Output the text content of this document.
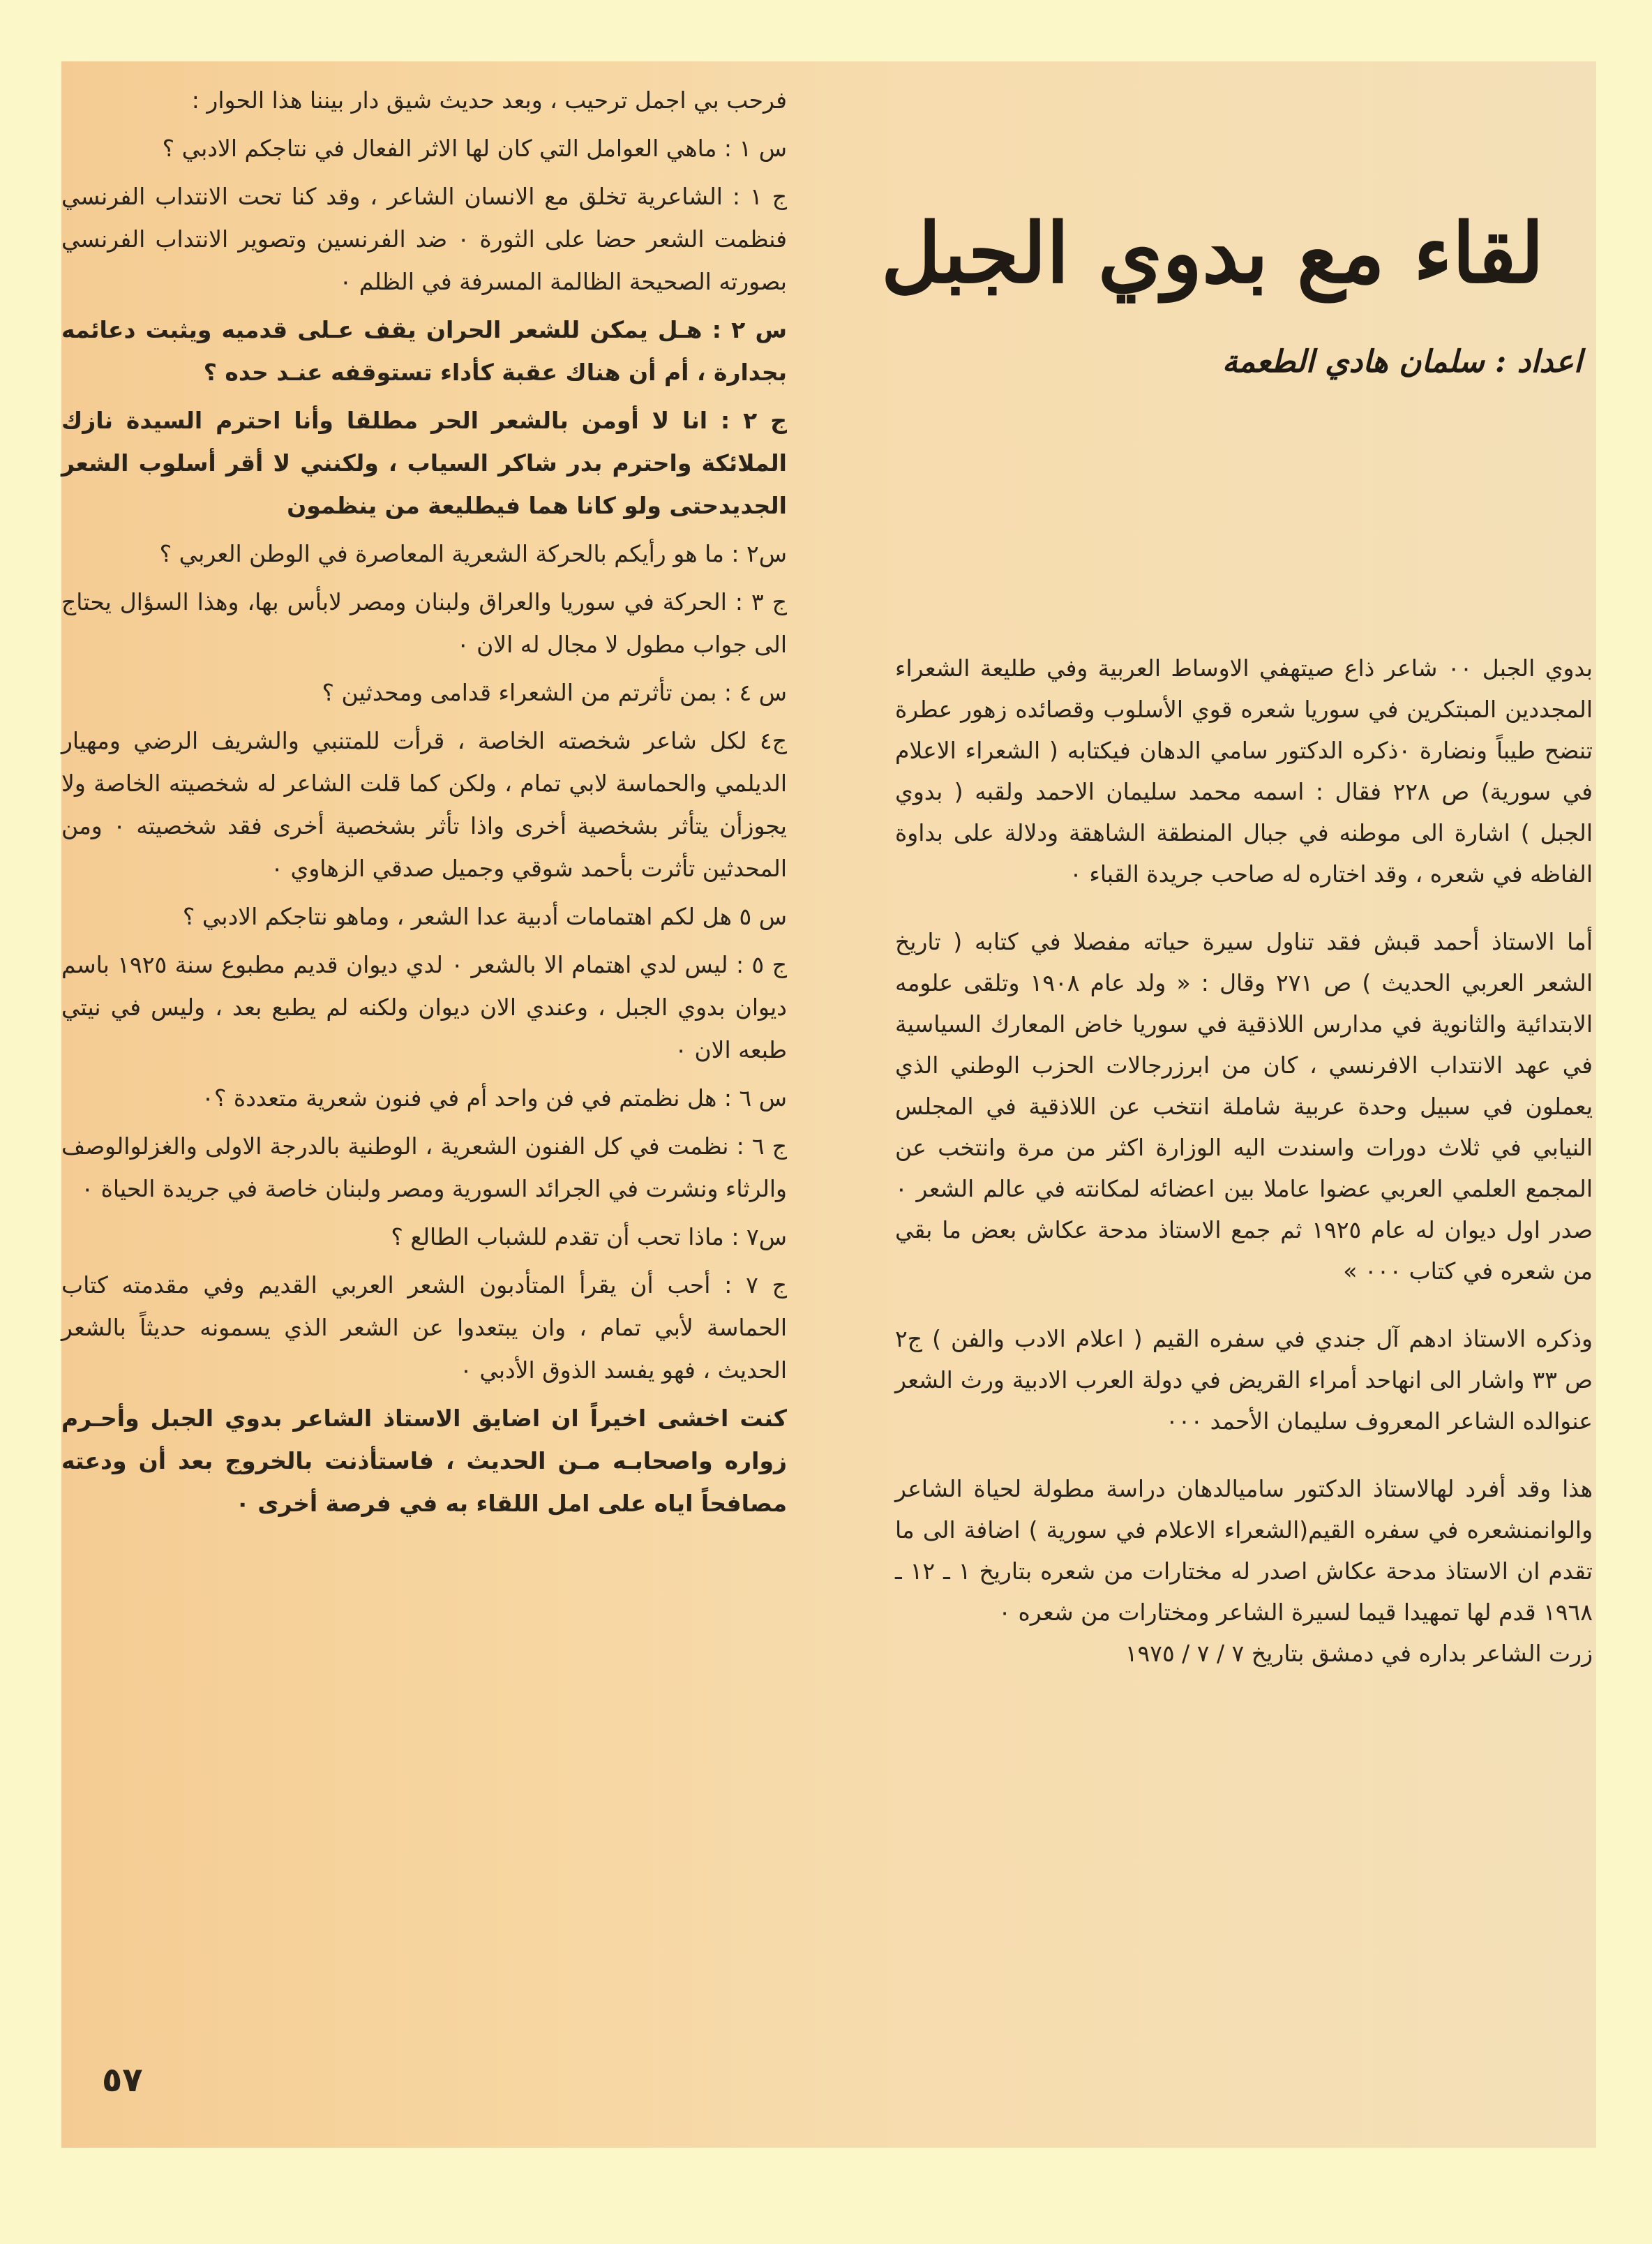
فرحب بي اجمل ترحيب ، وبعد حديث شيق دار بيننا هذا الحوار :

س ١ : ماهي العوامل التي كان لها الاثر الفعال في نتاجكم الادبي ؟

ج ١ : الشاعرية تخلق مع الانسان الشاعر ، وقد كنا تحت الانتداب الفرنسي فنظمت الشعر حضا على الثورة ٠ ضد الفرنسين وتصوير الانتداب الفرنسي بصورته الصحيحة الظالمة المسرفة في الظلم ٠

س ٢ : هـل يمكن للشعر الحران يقف عـلى قدميه ويثبت دعائمه بجدارة ، أم أن هناك عقبة كأداء تستوقفه عنـد حده ؟

ج ٢ : انا لا أومن بالشعر الحر مطلقا وأنا احترم السيدة نازك الملائكة واحترم بدر شاكر السياب ، ولكنني لا أقر أسلوب الشعر الجديدحتى ولو كانا هما فيطليعة من ينظمون

س٢ : ما هو رأيكم بالحركة الشعرية المعاصرة في الوطن العربي ؟

ج ٣ : الحركة في سوريا والعراق ولبنان ومصر لابأس بها، وهذا السؤال يحتاج الى جواب مطول لا مجال له الان ٠

س ٤ : بمن تأثرتم من الشعراء قدامى ومحدثين ؟

ج٤ لكل شاعر شخصته الخاصة ، قرأت للمتنبي والشريف الرضي ومهيار الديلمي والحماسة لابي تمام ، ولكن كما قلت الشاعر له شخصيته الخاصة ولا يجوزأن يتأثر بشخصية أخرى واذا تأثر بشخصية أخرى فقد شخصيته ٠ ومن المحدثين تأثرت بأحمد شوقي وجميل صدقي الزهاوي ٠

س ٥ هل لكم اهتمامات أدبية عدا الشعر ، وماهو نتاجكم الادبي ؟

ج ٥ : ليس لدي اهتمام الا بالشعر ٠ لدي ديوان قديم مطبوع سنة ١٩٢٥ باسم ديوان بدوي الجبل ، وعندي الان ديوان ولكنه لم يطبع بعد ، وليس في نيتي طبعه الان ٠

س ٦ : هل نظمتم في فن واحد أم في فنون شعرية متعددة ؟٠

ج ٦ : نظمت في كل الفنون الشعرية ، الوطنية بالدرجة الاولى والغزلوالوصف والرثاء ونشرت في الجرائد السورية ومصر ولبنان خاصة في جريدة الحياة ٠

س٧ : ماذا تحب أن تقدم للشباب الطالع ؟

ج ٧ : أحب أن يقرأ المتأدبون الشعر العربي القديم وفي مقدمته كتاب الحماسة لأبي تمام ، وان يبتعدوا عن الشعر الذي يسمونه حديثاً بالشعر الحديث ، فهو يفسد الذوق الأدبي ٠

كنت اخشى اخيراً ان اضايق الاستاذ الشاعر بدوي الجبل وأحـرم زواره واصحابـه مـن الحديث ، فاستأذنت بالخروج بعد أن ودعته مصافحاً اياه على امل اللقاء به في فرصة أخرى ٠

لقاء مع بدوي الجبل
اعداد : سلمان هادي الطعمة

بدوي الجبل ٠٠ شاعر ذاع صيتهفي الاوساط العربية وفي طليعة الشعراء المجددين المبتكرين في سوريا شعره قوي الأسلوب وقصائده زهور عطرة تنضح طيباً ونضارة ٠ذكره الدكتور سامي الدهان فيكتابه ( الشعراء الاعلام في سورية) ص ٢٢٨ فقال : اسمه محمد سليمان الاحمد ولقبه ( بدوي الجبل ) اشارة الى موطنه في جبال المنطقة الشاهقة ودلالة على بداوة الفاظه في شعره ، وقد اختاره له صاحب جريدة القباء ٠

أما الاستاذ أحمد قبش فقد تناول سيرة حياته مفصلا في كتابه ( تاريخ الشعر العربي الحديث ) ص ٢٧١ وقال : « ولد عام ١٩٠٨ وتلقى علومه الابتدائية والثانوية في مدارس اللاذقية في سوريا خاض المعارك السياسية في عهد الانتداب الافرنسي ، كان من ابرزرجالات الحزب الوطني الذي يعملون في سبيل وحدة عربية شاملة انتخب عن اللاذقية في المجلس النيابي في ثلاث دورات واسندت اليه الوزارة اكثر من مرة وانتخب عن المجمع العلمي العربي عضوا عاملا بين اعضائه لمكانته في عالم الشعر ٠ صدر اول ديوان له عام ١٩٢٥ ثم جمع الاستاذ مدحة عكاش بعض ما بقي من شعره في كتاب ٠٠٠ »

وذكره الاستاذ ادهم آل جندي في سفره القيم ( اعلام الادب والفن ) ج٢ ص ٣٣ واشار الى انهاحد أمراء القريض في دولة العرب الادبية ورث الشعر عنوالده الشاعر المعروف سليمان الأحمد ٠٠٠

هذا وقد أفرد لهالاستاذ الدكتور ساميالدهان دراسة مطولة لحياة الشاعر والوانمنشعره في سفره القيم(الشعراء الاعلام في سورية ) اضافة الى ما تقدم ان الاستاذ مدحة عكاش اصدر له مختارات من شعره بتاريخ ١ ـ ١٢ ـ ١٩٦٨ قدم لها تمهيدا قيما لسيرة الشاعر ومختارات من شعره ٠

زرت الشاعر بداره في دمشق بتاريخ ٧ / ٧ / ١٩٧٥

٥٧
